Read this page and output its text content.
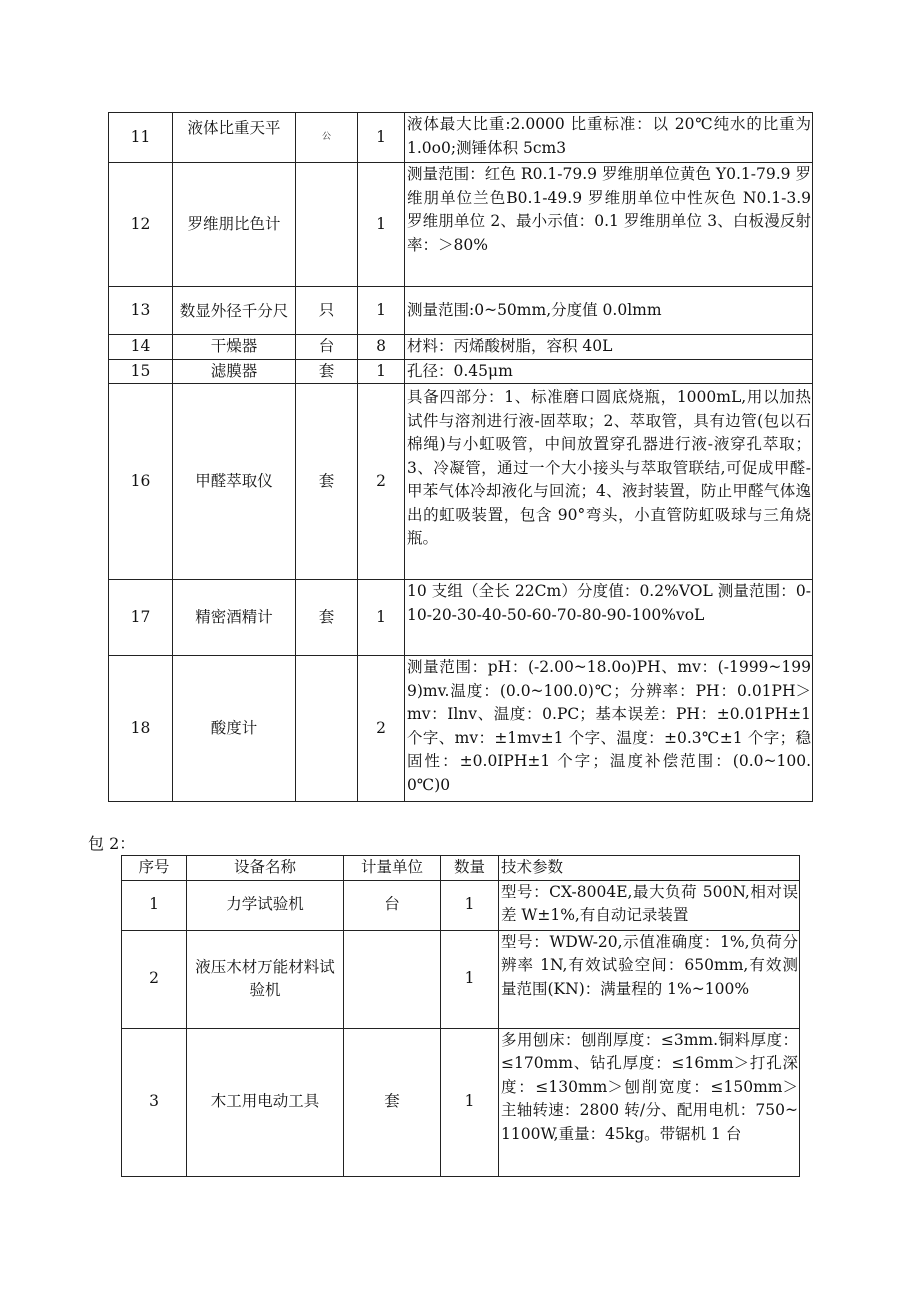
11	液体比重天平	公	1	液体最大比重:2.0000 比重标准：以 20℃纯水的比重为 1.0o0;测锤体积 5cm3
12	罗维朋比色计		1	测量范围：红色 R0.1-79.9 罗维朋单位黄色 Y0.1-79.9 罗维朋单位兰色B0.1-49.9 罗维朋单位中性灰色 N0.1-3.9 罗维朋单位 2、最小示值：0.1 罗维朋单位 3、白板漫反射率：＞80%
13	数显外径千分尺	只	1	测量范围:0~50mm,分度值 0.0lmm
14	干燥器	台	8	材料：丙烯酸树脂，容积 40L
15	滤膜器	套	1	孔径：0.45μm
16	甲醛萃取仪	套	2	具备四部分：1、标准磨口圆底烧瓶，1000mL,用以加热试件与溶剂进行液-固萃取；2、萃取管，具有边管(包以石棉绳)与小虹吸管，中间放置穿孔器进行液-液穿孔萃取；3、冷凝管，通过一个大小接头与萃取管联结,可促成甲醛-甲苯气体冷却液化与回流；4、液封装置，防止甲醛气体逸出的虹吸装置，包含 90°弯头，小直管防虹吸球与三角烧瓶。
17	精密酒精计	套	1	10 支组（全长 22Cm）分度值：0.2%VOL 测量范围：0-10-20-30-40-50-60-70-80-90-100%voL
18	酸度计		2	测量范围：pH：(-2.00~18.0o)PH、mv：(-1999~1999)mv.温度：(0.0~100.0)℃；分辨率：PH：0.01PH＞mv：Ilnv、温度：0.PC；基本误差：PH：±0.01PH±1 个字、mv：±1mv±1 个字、温度：±0.3℃±1 个字；稳固性：±0.0IPH±1 个字；温度补偿范围：(0.0~100.0℃)0
包 2：
序号	设备名称	计量单位	数量	技术参数
1	力学试验机	台	1	型号：CX-8004E,最大负荷 500N,相对误差 W±1%,有自动记录装置
2	液压木材万能材料试验机		1	型号：WDW-20,示值准确度：1%,负荷分辨率 1N,有效试验空间：650mm,有效测量范围(KN)：满量程的 1%~100%
3	木工用电动工具	套	1	多用刨床：刨削厚度：≤3mm.铜料厚度：≤170mm、钻孔厚度：≤16mm＞打孔深度：≤130mm＞刨削宽度：≤150mm＞主轴转速：2800 转/分、配用电机：750~1100W,重量：45kg。带锯机 1 台
